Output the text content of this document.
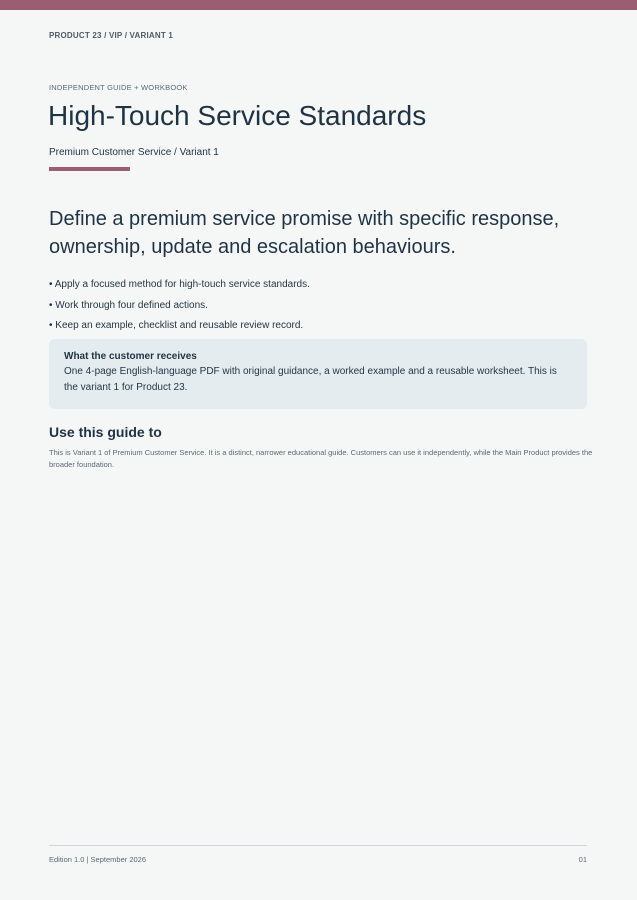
PRODUCT 23 / VIP / VARIANT 1
INDEPENDENT GUIDE + WORKBOOK
High-Touch Service Standards
Premium Customer Service / Variant 1

Define a premium service promise with specific response, ownership, update and escalation behaviours.

• Apply a focused method for high-touch service standards.
• Work through four defined actions.
• Keep an example, checklist and reusable review record.
What the customer receives
One 4-page English-language PDF with original guidance, a worked example and a reusable worksheet. This is the variant 1 for Product 23.
Use this guide to
This is Variant 1 of Premium Customer Service. It is a distinct, narrower educational guide. Customers can use it independently, while the Main Product provides the broader foundation.
Edition 1.0 | September 2026	01
